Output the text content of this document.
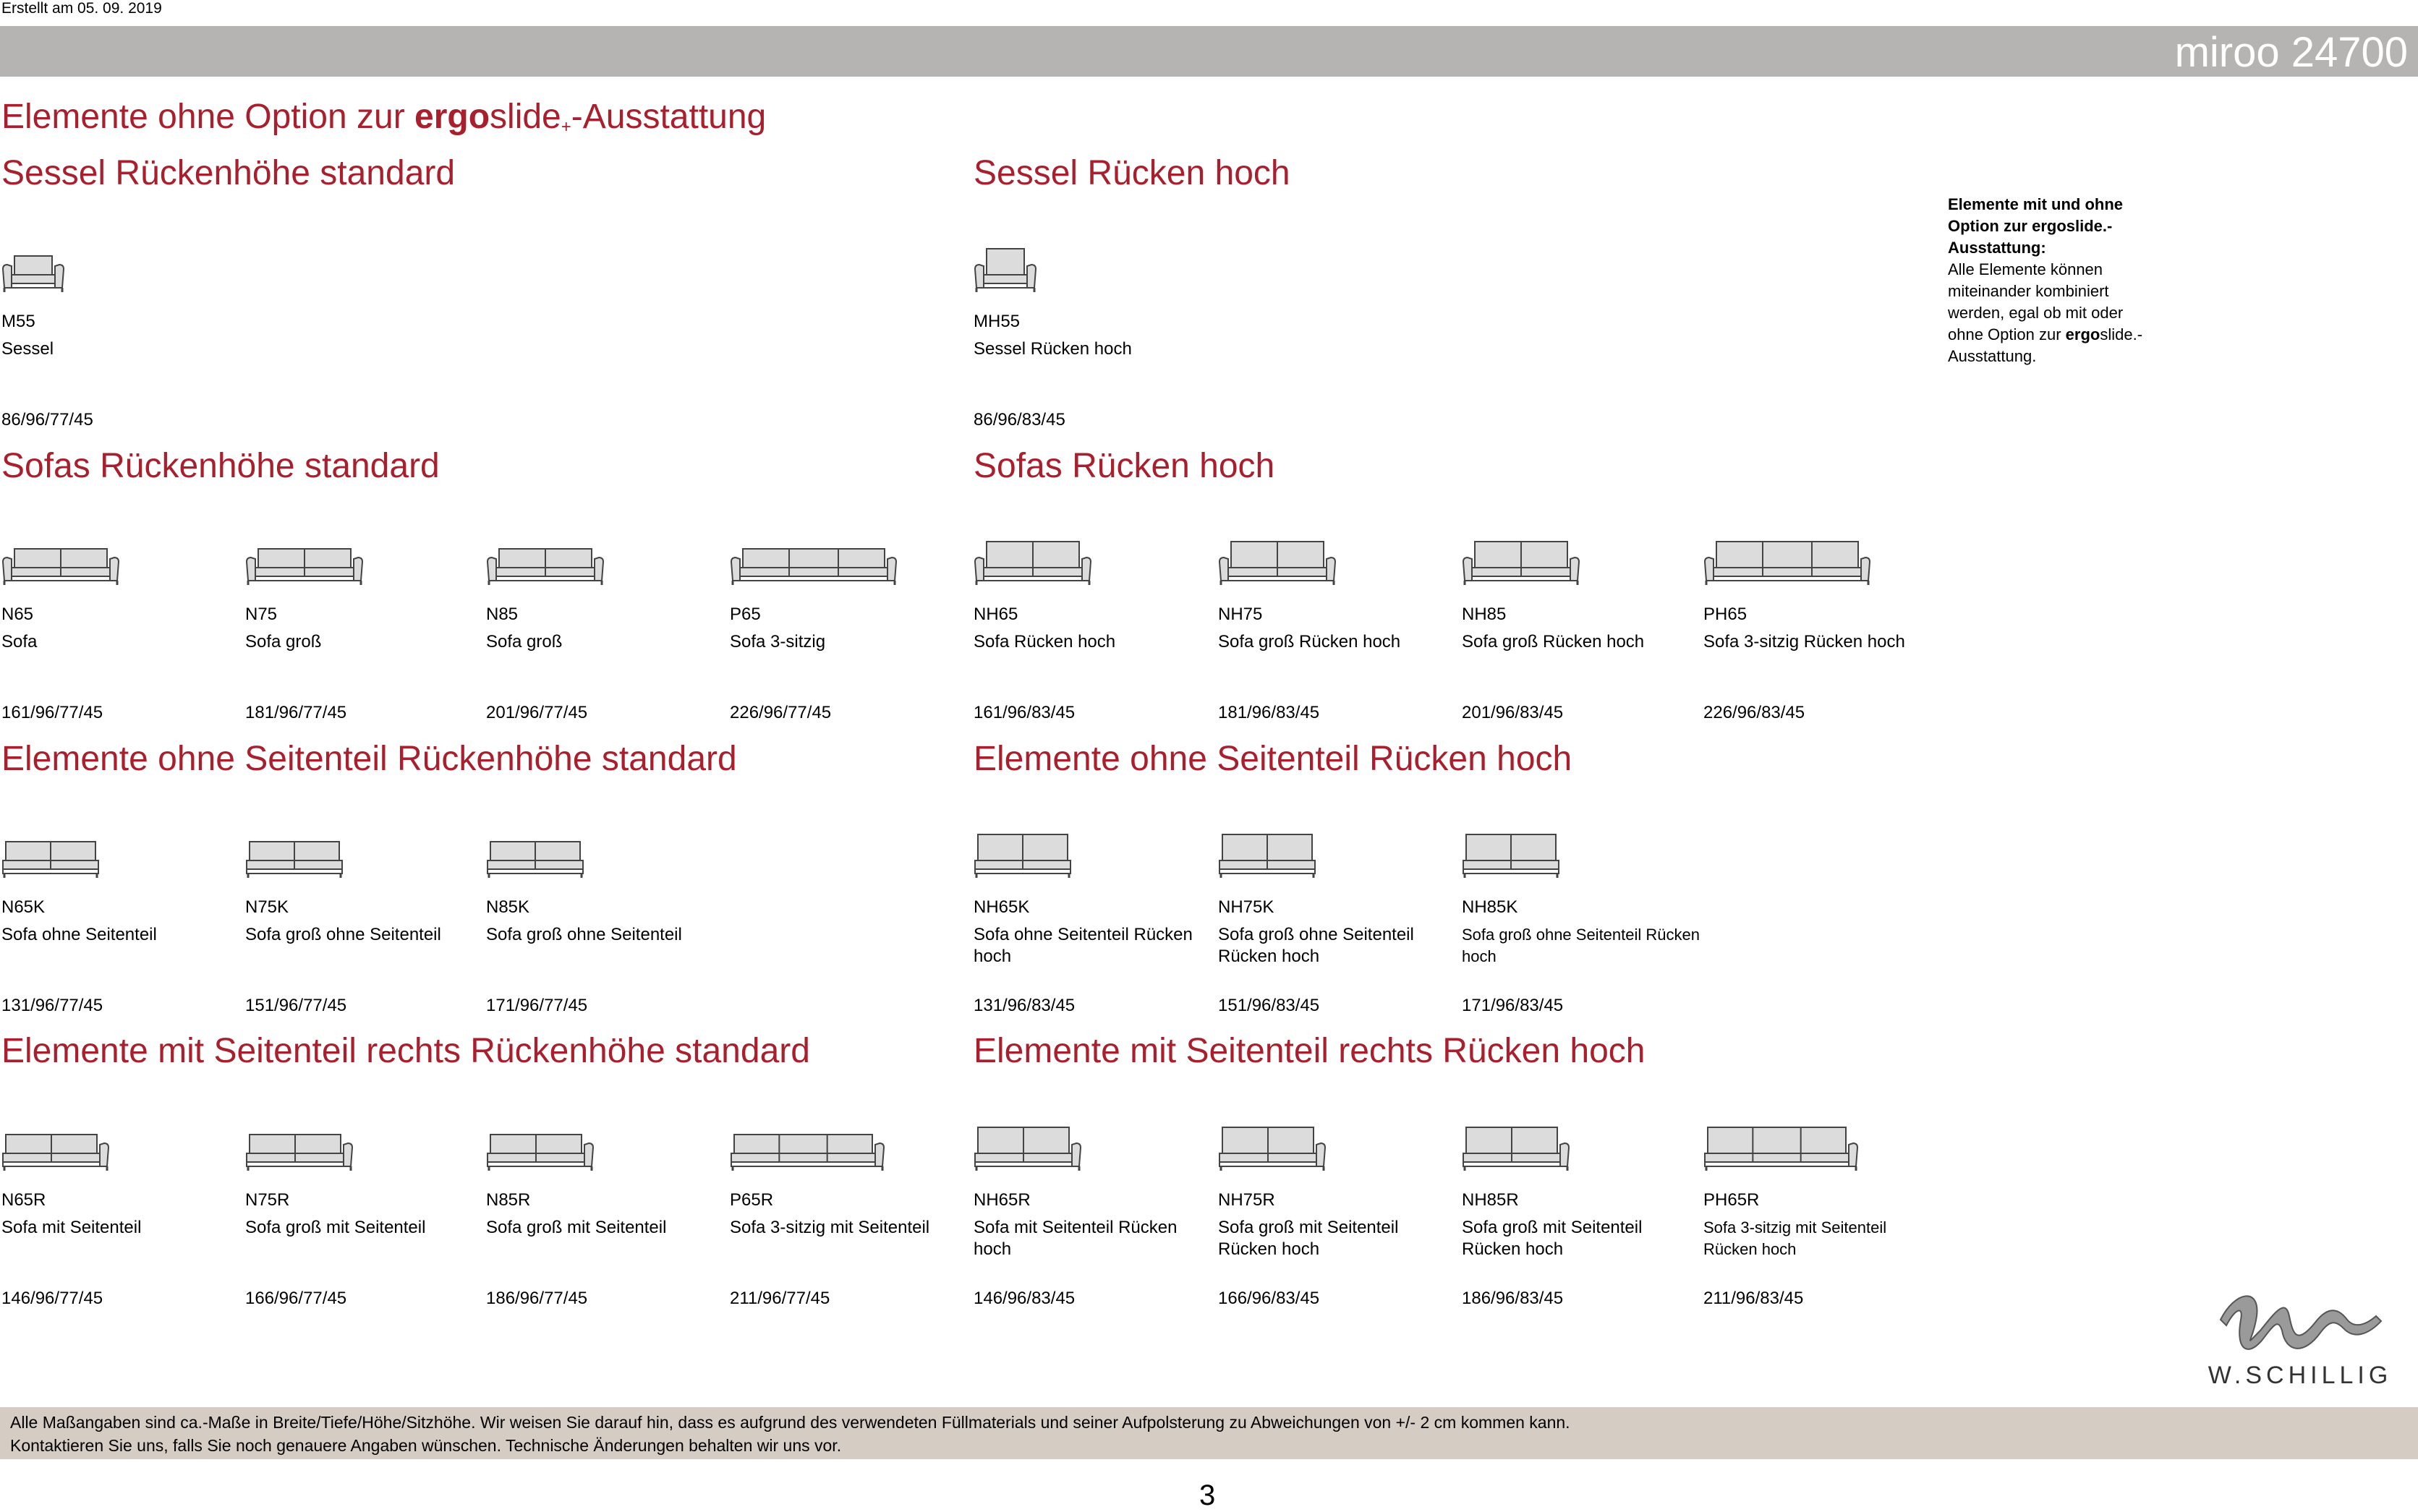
Erstellt am 05. 09. 2019
miroo 24700
Elemente ohne Option zur ergoslide$_+$-Ausstattung
Sessel Rückenhöhe standard	Sessel Rücken hoch
Sofas Rückenhöhe standard	Sofas Rücken hoch
Elemente ohne Seitenteil Rückenhöhe standard	Elemente ohne Seitenteil Rücken hoch
Elemente mit Seitenteil rechts Rückenhöhe standard	Elemente mit Seitenteil rechts Rücken hoch
M55
Sessel
86/96/77/45
MH55
Sessel Rücken hoch
86/96/83/45
N65
Sofa
161/96/77/45
N75
Sofa groß
181/96/77/45
N85
Sofa groß
201/96/77/45
P65
Sofa 3-sitzig
226/96/77/45
NH65
Sofa Rücken hoch
161/96/83/45
NH75
Sofa groß Rücken hoch
181/96/83/45
NH85
Sofa groß Rücken hoch
201/96/83/45
PH65
Sofa 3-sitzig Rücken hoch
226/96/83/45
N65K
Sofa ohne Seitenteil
131/96/77/45
N75K
Sofa groß ohne Seitenteil
151/96/77/45
N85K
Sofa groß ohne Seitenteil
171/96/77/45
NH65K
Sofa ohne Seitenteil Rücken hoch
131/96/83/45
NH75K
Sofa groß ohne Seitenteil Rücken hoch
151/96/83/45
NH85K
Sofa groß ohne Seitenteil Rücken hoch
171/96/83/45
N65R
Sofa mit Seitenteil
146/96/77/45
N75R
Sofa groß mit Seitenteil
166/96/77/45
N85R
Sofa groß mit Seitenteil
186/96/77/45
P65R
Sofa 3-sitzig mit Seitenteil
211/96/77/45
NH65R
Sofa mit Seitenteil Rücken hoch
146/96/83/45
NH75R
Sofa groß mit Seitenteil Rücken hoch
166/96/83/45
NH85R
Sofa groß mit Seitenteil Rücken hoch
186/96/83/45
PH65R
Sofa 3-sitzig mit Seitenteil Rücken hoch
211/96/83/45
Elemente mit und ohne Option zur ergoslide.-Ausstattung:
Alle Elemente können miteinander kombiniert werden, egal ob mit oder ohne Option zur ergoslide.-Ausstattung.
W.SCHILLIG
Alle Maßangaben sind ca.-Maße in Breite/Tiefe/Höhe/Sitzhöhe. Wir weisen Sie darauf hin, dass es aufgrund des verwendeten Füllmaterials und seiner Aufpolsterung zu Abweichungen von +/- 2 cm kommen kann.
Kontaktieren Sie uns, falls Sie noch genauere Angaben wünschen. Technische Änderungen behalten wir uns vor.
3
